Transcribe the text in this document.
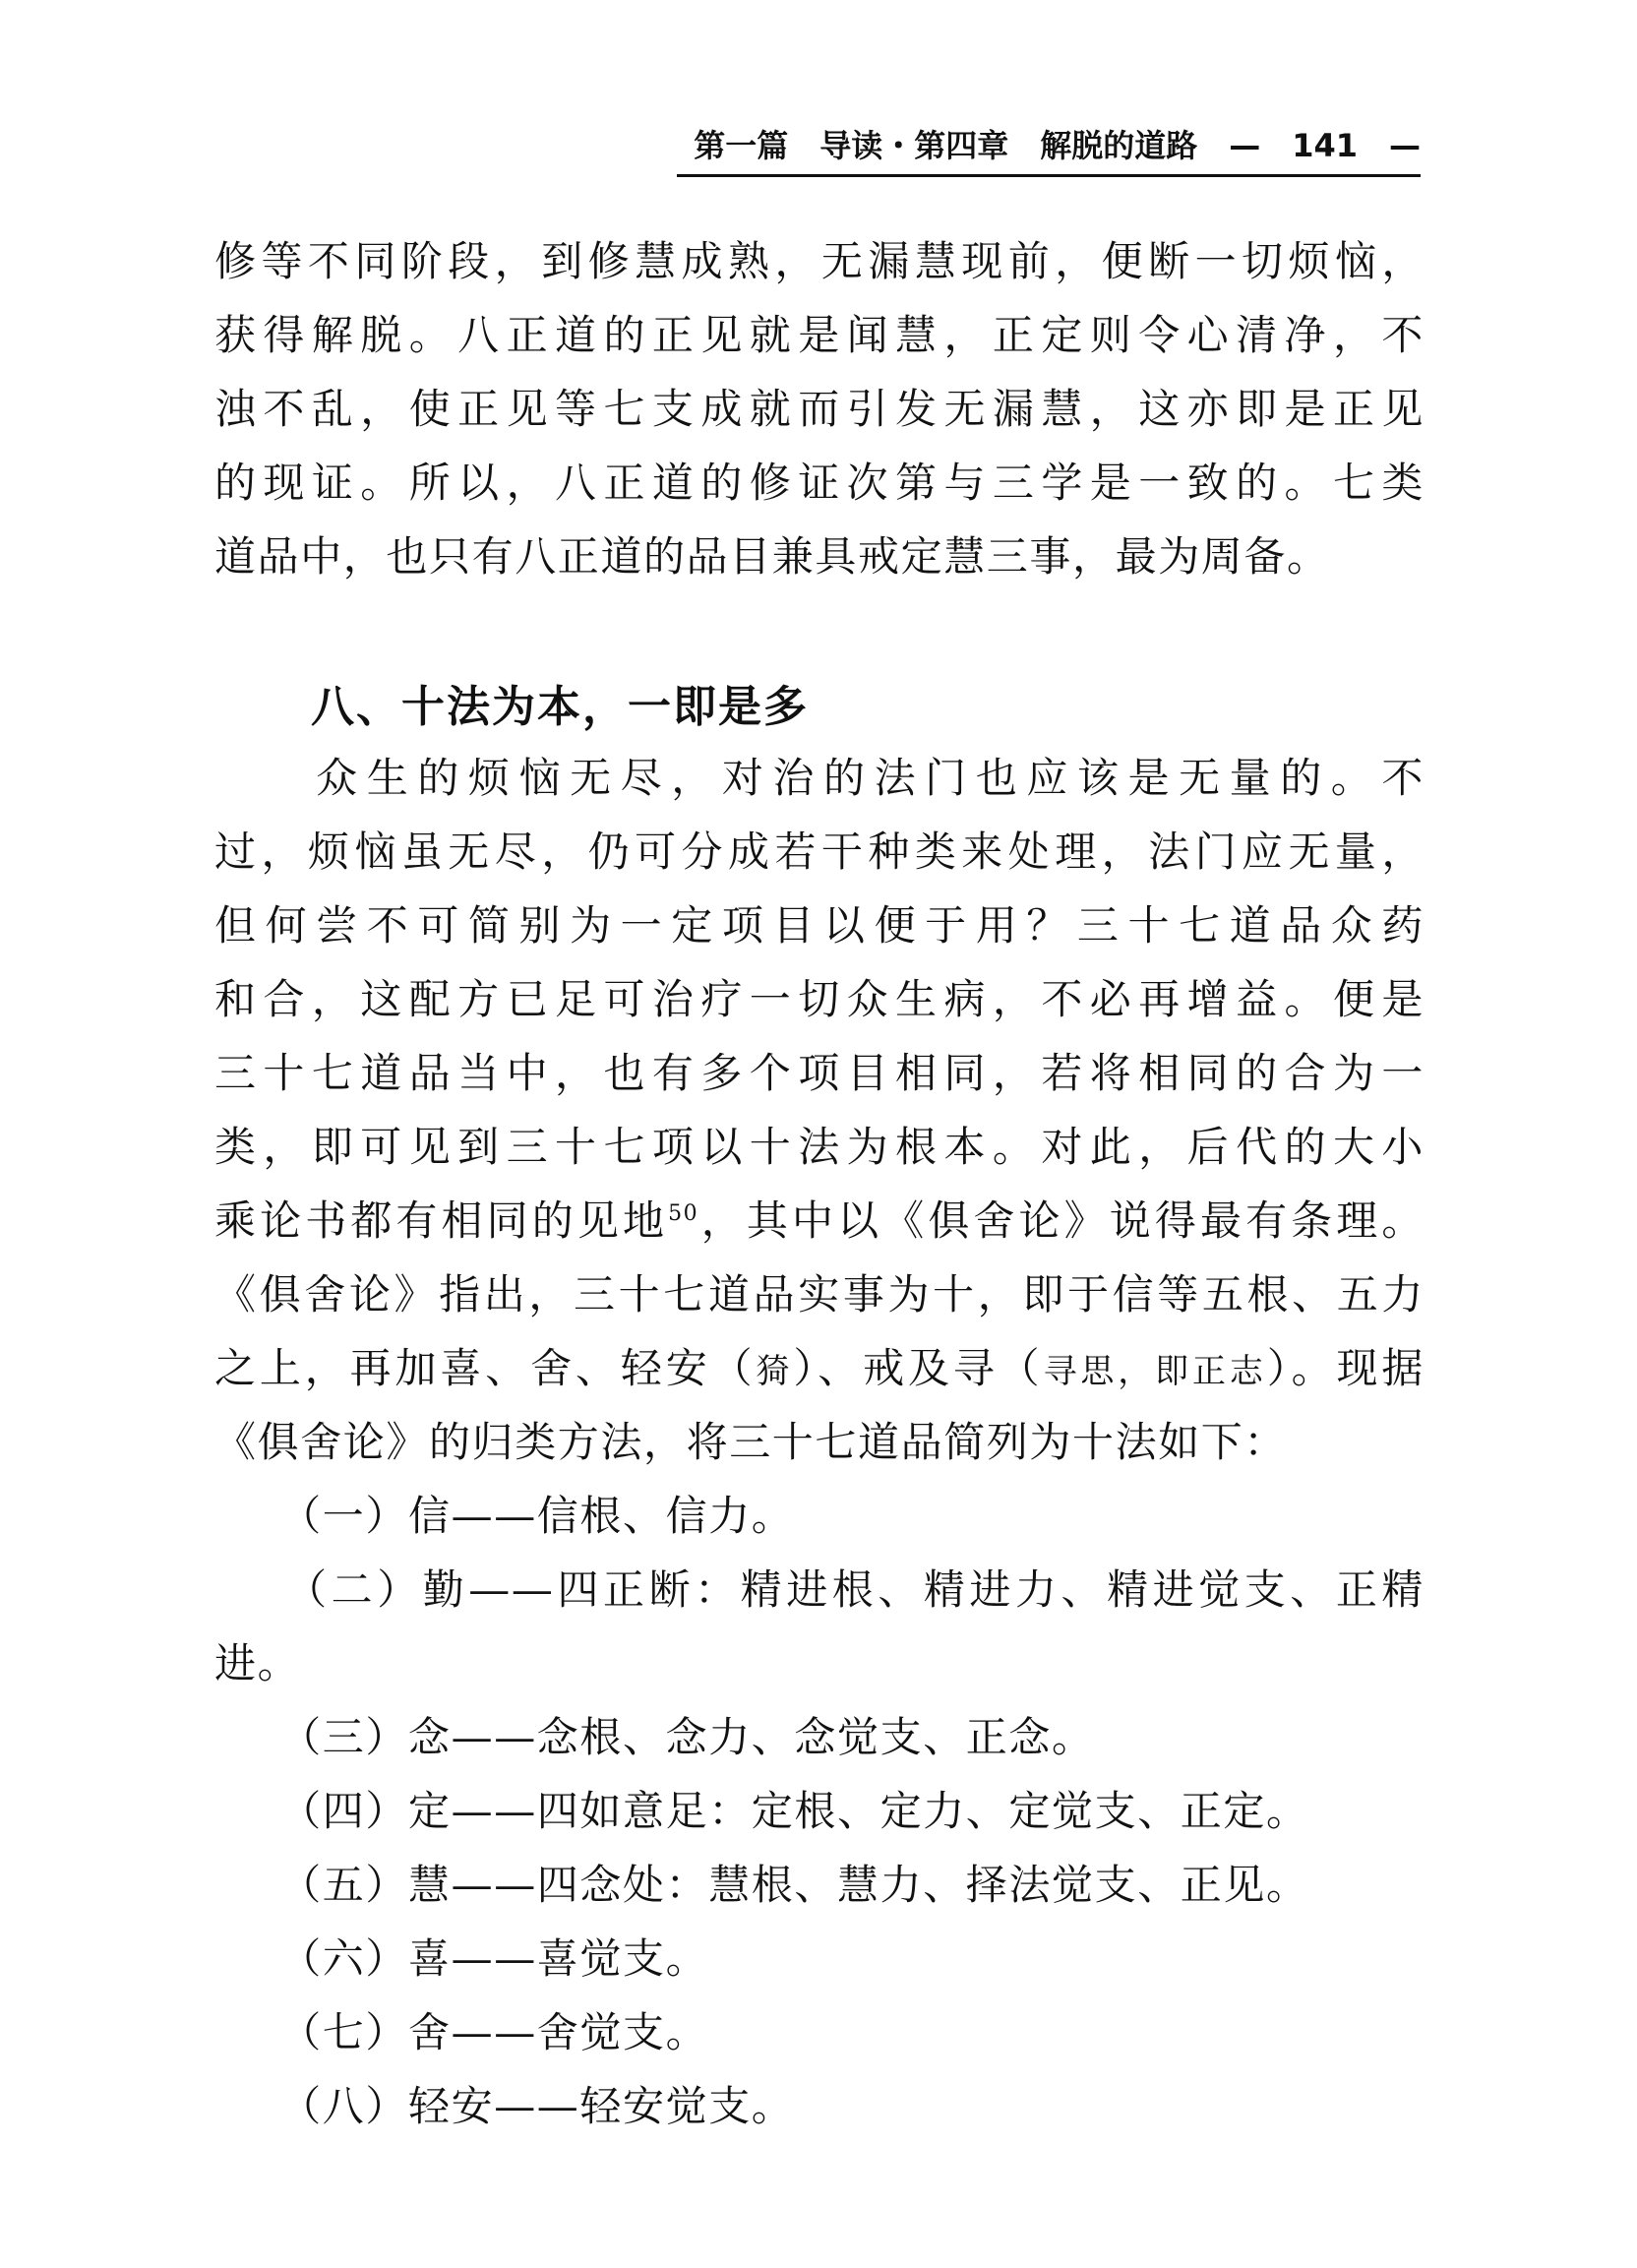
第一篇　导读・第四章　解脱的道路　—　141　—
修等不同阶段，到修慧成熟，无漏慧现前，便断一切烦恼，
获得解脱。八正道的正见就是闻慧，正定则令心清净，不
浊不乱，使正见等七支成就而引发无漏慧，这亦即是正见
的现证。所以，八正道的修证次第与三学是一致的。七类
道品中，也只有八正道的品目兼具戒定慧三事，最为周备。
八、十法为本，一即是多
　　众生的烦恼无尽，对治的法门也应该是无量的。不
过，烦恼虽无尽，仍可分成若干种类来处理，法门应无量，
但何尝不可简别为一定项目以便于用？三十七道品众药
和合，这配方已足可治疗一切众生病，不必再增益。便是
三十七道品当中，也有多个项目相同，若将相同的合为一
类，即可见到三十七项以十法为根本。对此，后代的大小
乘论书都有相同的见地$^{50}$，其中以《俱舍论》说得最有条理。
《俱舍论》指出，三十七道品实事为十，即于信等五根、五力
之上，再加喜、舍、轻安（猗）、戒及寻（寻思，即正志）。现据
《俱舍论》的归类方法，将三十七道品简列为十法如下：
　　（一）信——信根、信力。
　　（二）勤——四正断：精进根、精进力、精进觉支、正精
进。
　　（三）念——念根、念力、念觉支、正念。
　　（四）定——四如意足：定根、定力、定觉支、正定。
　　（五）慧——四念处：慧根、慧力、择法觉支、正见。
　　（六）喜——喜觉支。
　　（七）舍——舍觉支。
　　（八）轻安——轻安觉支。
